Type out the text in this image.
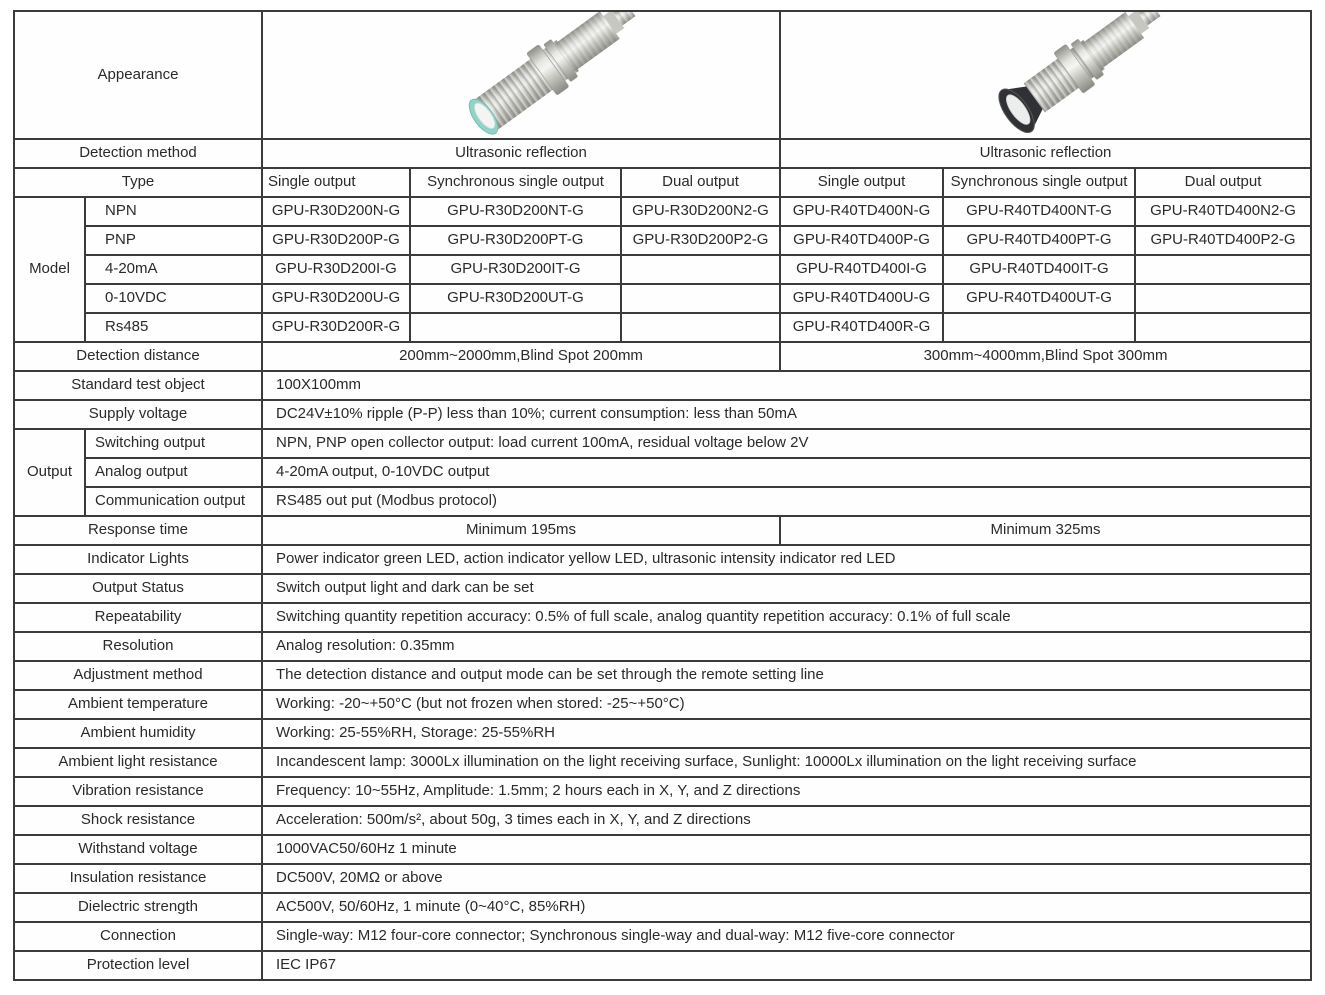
Appearance	

Detection method		Ultrasonic reflection			Ultrasonic reflection		
Type		Single output	Synchronous single output	Dual output	Single output	Synchronous single output	Dual output
Model	NPN	GPU-R30D200N-G	GPU-R30D200NT-G	GPU-R30D200N2-G	GPU-R40TD400N-G	GPU-R40TD400NT-G	GPU-R40TD400N2-G
	PNP	GPU-R30D200P-G	GPU-R30D200PT-G	GPU-R30D200P2-G	GPU-R40TD400P-G	GPU-R40TD400PT-G	GPU-R40TD400P2-G
	4-20mA	GPU-R30D200I-G	GPU-R30D200IT-G		GPU-R40TD400I-G	GPU-R40TD400IT-G	
	0-10VDC	GPU-R30D200U-G	GPU-R30D200UT-G		GPU-R40TD400U-G	GPU-R40TD400UT-G	
	Rs485	GPU-R30D200R-G			GPU-R40TD400R-G		
Detection distance		200mm~2000mm,Blind Spot 200mm			300mm~4000mm,Blind Spot 300mm		
Standard test object		100X100mm					
Supply voltage		DC24V±10% ripple (P-P) less than 10%; current consumption: less than 50mA					
Output	Switching output	NPN, PNP open collector output: load current 100mA, residual voltage below 2V					
	Analog output	4-20mA output, 0-10VDC output					
	Communication output	RS485 out put (Modbus protocol)					
Response time		Minimum 195ms			Minimum 325ms		
Indicator Lights		Power indicator green LED, action indicator yellow LED, ultrasonic intensity indicator red LED					
Output Status		Switch output light and dark can be set					
Repeatability		Switching quantity repetition accuracy: 0.5% of full scale, analog quantity repetition accuracy: 0.1% of full scale					
Resolution		Analog resolution: 0.35mm					
Adjustment method		The detection distance and output mode can be set through the remote setting line					
Ambient temperature		Working: -20~+50°C (but not frozen when stored: -25~+50°C)					
Ambient humidity		Working: 25-55%RH, Storage: 25-55%RH					
Ambient light resistance		Incandescent lamp: 3000Lx illumination on the light receiving surface, Sunlight: 10000Lx illumination on the light receiving surface					
Vibration resistance		Frequency: 10~55Hz, Amplitude: 1.5mm; 2 hours each in X, Y, and Z directions					
Shock resistance		Acceleration: 500m/s², about 50g, 3 times each in X, Y, and Z directions					
Withstand voltage		1000VAC50/60Hz 1 minute					
Insulation resistance		DC500V, 20MΩ or above					
Dielectric strength		AC500V, 50/60Hz, 1 minute (0~40°C, 85%RH)					
Connection		Single-way: M12 four-core connector; Synchronous single-way and dual-way: M12 five-core connector					
Protection level		IEC IP67					
